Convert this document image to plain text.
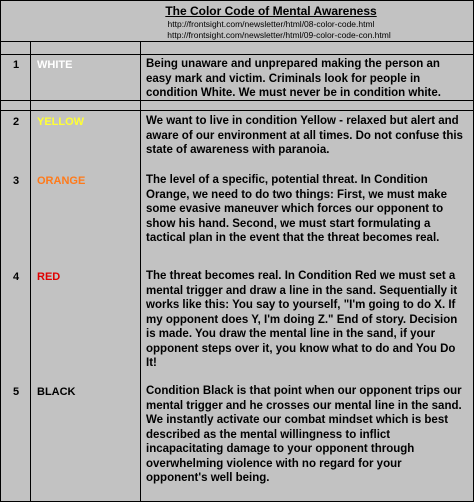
The Color Code of Mental Awareness
http://frontsight.com/newsletter/html/08-color-code.html
http://frontsight.com/newsletter/html/09-color-code-con.html
1 WHITE	Being unaware and unprepared making the person an easy mark and victim. Criminals look for people in condition White. We must never be in condition white.

2 YELLOW	We want to live in condition Yellow - relaxed but alert and aware of our environment at all times. Do not confuse this state of awareness with paranoia.

3 ORANGE	The level of a specific, potential threat. In Condition Orange, we need to do two things: First, we must make some evasive maneuver which forces our opponent to show his hand. Second, we must start formulating a tactical plan in the event that the threat becomes real.

4 RED	The threat becomes real. In Condition Red we must set a mental trigger and draw a line in the sand. Sequentially it works like this: You say to yourself, "I'm going to do X. If my opponent does Y, I'm doing Z." End of story. Decision is made. You draw the mental line in the sand, if your opponent steps over it, you know what to do and You Do It!

5 BLACK	Condition Black is that point when our opponent trips our mental trigger and he crosses our mental line in the sand. We instantly activate our combat mindset which is best described as the mental willingness to inflict incapacitating damage to your opponent through overwhelming violence with no regard for your opponent's well being.
